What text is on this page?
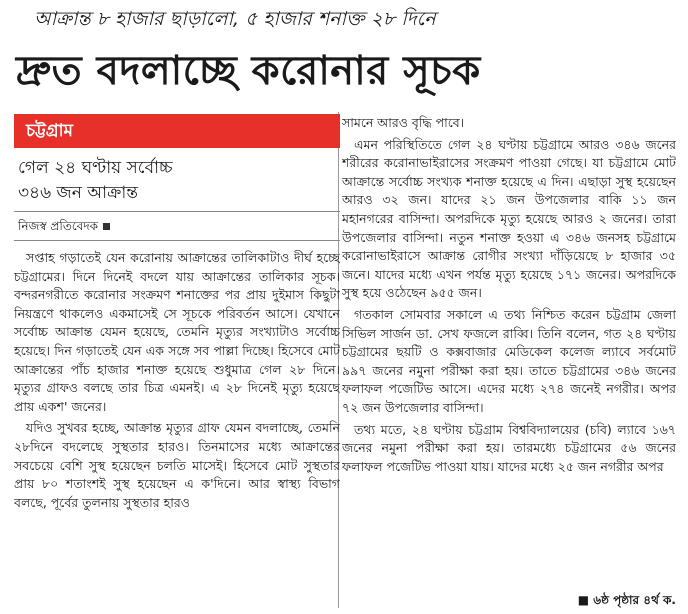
আক্রান্ত ৮ হাজার ছাড়ালো, ৫ হাজার শনাক্ত ২৮ দিনে
দ্রুত বদলাচ্ছে করোনার সূচক
চট্টগ্রাম
গেল ২৪ ঘণ্টায় সর্বোচ্চ
৩৪৬ জন আক্রান্ত
নিজস্ব প্রতিবেদক

সপ্তাহ গড়াতেই যেন করোনায় আক্রান্তের তালিকাটাও দীর্ঘ হচ্ছে চট্টগ্রামের। দিনে দিনেই বদলে যায় আক্রান্তের তালিকার সূচক। বন্দরনগরীতে করোনার সংক্রমণ শনাক্তের পর প্রায় দুইমাস কিছুটা নিয়ন্ত্রণে থাকলেও একমাসেই সে সূচকে পরিবর্তন আসে। যেখানে সর্বোচ্চ আক্রান্ত যেমন হয়েছে, তেমনি মৃত্যুর সংখ্যাটাও সর্বোচ্চ হয়েছে। দিন গড়াতেই যেন এক সঙ্গে সব পাল্লা দিচ্ছে। হিসেবে মোট আক্রান্তের পাঁচ হাজার শনাক্ত হয়েছে শুধুমাত্র গেল ২৮ দিনে। মৃত্যুর গ্রাফও বলছে তার চিত্র এমনই। এ ২৮ দিনেই মৃত্যু হয়েছে প্রায় একশ' জনের।

যদিও সুখবর হচ্ছে, আক্রান্ত মৃত্যুর গ্রাফ যেমন বদলাচ্ছে, তেমনি ২৮দিনে বদলেছে সুস্থতার হারও। তিনমাসের মধ্যে আক্রান্তের সবচেয়ে বেশি সুস্থ হয়েছেন চলতি মাসেই। হিসেবে মোট সুস্থতার প্রায় ৮০ শতাংশই সুস্থ হয়েছেন এ ক'দিনে। আর স্বাস্থ্য বিভাগ বলছে, পূর্বের তুলনায় সুস্থতার হারও

সামনে আরও বৃদ্ধি পাবে।

এমন পরিস্থিতিতে গেল ২৪ ঘণ্টায় চট্টগ্রামে আরও ৩৪৬ জনের শরীরের করোনাভাইরাসের সংক্রমণ পাওয়া গেছে। যা চট্টগ্রামে মোট আক্রান্তে সর্বোচ্চ সংখ্যক শনাক্ত হয়েছে এ দিন। এছাড়া সুস্থ হয়েছেন আরও ৩২ জন। যাদের ২১ জন উপজেলার বাকি ১১ জন মহানগরের বাসিন্দা। অপরদিকে মৃত্যু হয়েছে আরও ২ জনের। তারা উপজেলার বাসিন্দা। নতুন শনাক্ত হওয়া এ ৩৪৬ জনসহ চট্টগ্রামে করোনাভাইরাসে আক্রান্ত রোগীর সংখ্যা দাঁড়িয়েছে ৮ হাজার ৩৫ জনে। যাদের মধ্যে এখন পর্যন্ত মৃত্যু হয়েছে ১৭১ জনের। অপরদিকে সুস্থ হয়ে ওঠেছেন ৯৫৫ জন।

গতকাল সোমবার সকালে এ তথ্য নিশ্চিত করেন চট্টগ্রাম জেলা সিভিল সার্জন ডা. সেখ ফজলে রাব্বি। তিনি বলেন, গত ২৪ ঘণ্টায় চট্টগ্রামের ছয়টি ও কক্সবাজার মেডিকেল কলেজ ল্যাবে সর্বমোট ৯৯৭ জনের নমুনা পরীক্ষা করা হয়। তাতে চট্টগ্রামের ৩৪৬ জনের ফলাফল পজেটিভ আসে। এদের মধ্যে ২৭৪ জনেই নগরীর। অপর ৭২ জন উপজেলার বাসিন্দা।

তথ্য মতে, ২৪ ঘণ্টায় চট্টগ্রাম বিশ্ববিদ্যালয়ের (চবি) ল্যাবে ১৬৭ জনের নমুনা পরীক্ষা করা হয়। তারমধ্যে চট্টগ্রামের ৫৬ জনের ফলাফল পজেটিভ পাওয়া যায়। যাদের মধ্যে ২৫ জন নগরীর অপর

■ ৬ষ্ঠ পৃষ্ঠার ৪র্থ ক.
